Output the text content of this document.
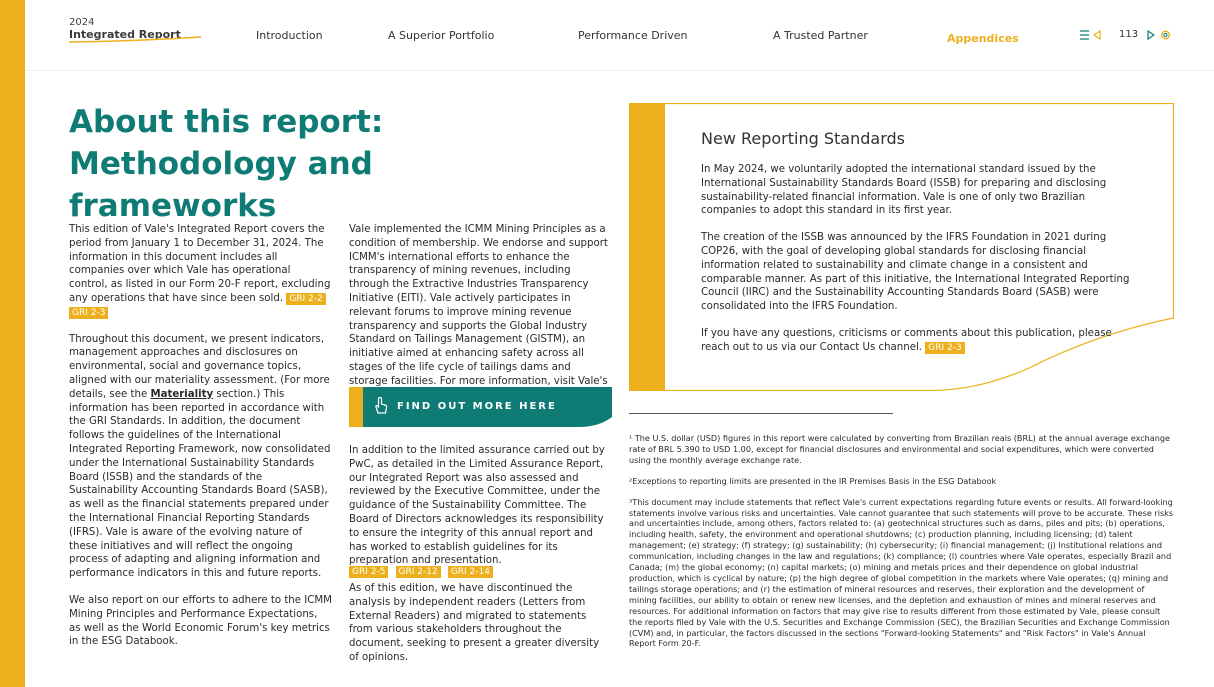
2024
Integrated Report	Introduction	A Superior Portfolio	Performance Driven	A Trusted Partner	Appendices	113
About this report:
Methodology and frameworks

This edition of Vale's Integrated Report covers the period from January 1 to December 31, 2024. The information in this document includes all companies over which Vale has operational control, as listed in our Form 20-F report, excluding any operations that have since been sold. GRI 2-2GRI 2-3

Throughout this document, we present indicators, management approaches and disclosures on environmental, social and governance topics, aligned with our materiality assessment. (For more details, see the Materiality section.) This information has been reported in accordance with the GRI Standards. In addition, the document follows the guidelines of the International Integrated Reporting Framework, now consolidated under the International Sustainability Standards Board (ISSB) and the standards of the Sustainability Accounting Standards Board (SASB), as well as the financial statements prepared under the International Financial Reporting Standards (IFRS). Vale is aware of the evolving nature of these initiatives and will reflect the ongoing process of adapting and aligning information and performance indicators in this and future reports.

We also report on our efforts to adhere to the ICMM Mining Principles and Performance Expectations, as well as the World Economic Forum's key metrics in the ESG Databook.

Vale implemented the ICMM Mining Principles as a condition of membership. We endorse and support ICMM's international efforts to enhance the transparency of mining revenues, including through the Extractive Industries Transparency Initiative (EITI). Vale actively participates in relevant forums to improve mining revenue transparency and supports the Global Industry Standard on Tailings Management (GISTM), an initiative aimed at enhancing safety across all stages of the life cycle of tailings dams and storage facilities. For more information, visit Vale's

FIND OUT MORE HERE

In addition to the limited assurance carried out by PwC, as detailed in the Limited Assurance Report, our Integrated Report was also assessed and reviewed by the Executive Committee, under the guidance of the Sustainability Committee. The Board of Directors acknowledges its responsibility to ensure the integrity of this annual report and has worked to establish guidelines for its preparation and presentation.

GRI 2-5 GRI 2-12 GRI 2-14

As of this edition, we have discontinued the analysis by independent readers (Letters from External Readers) and migrated to statements from various stakeholders throughout the document, seeking to present a greater diversity of opinions.

New Reporting Standards

In May 2024, we voluntarily adopted the international standard issued by the International Sustainability Standards Board (ISSB) for preparing and disclosing sustainability-related financial information. Vale is one of only two Brazilian companies to adopt this standard in its first year.

The creation of the ISSB was announced by the IFRS Foundation in 2021 during COP26, with the goal of developing global standards for disclosing financial information related to sustainability and climate change in a consistent and comparable manner. As part of this initiative, the International Integrated Reporting Council (IIRC) and the Sustainability Accounting Standards Board (SASB) were consolidated into the IFRS Foundation.

If you have any questions, criticisms or comments about this publication, please reach out to us via our Contact Us channel. GRI 2-3

¹ The U.S. dollar (USD) figures in this report were calculated by converting from Brazilian reais (BRL) at the annual average exchange rate of BRL 5.390 to USD 1.00, except for financial disclosures and environmental and social expenditures, which were converted using the monthly average exchange rate.

²Exceptions to reporting limits are presented in the IR Premises Basis in the ESG Databook

³This document may include statements that reflect Vale's current expectations regarding future events or results. All forward-looking statements involve various risks and uncertainties. Vale cannot guarantee that such statements will prove to be accurate. These risks and uncertainties include, among others, factors related to: (a) geotechnical structures such as dams, piles and pits; (b) operations, including health, safety, the environment and operational shutdowns; (c) production planning, including licensing; (d) talent management; (e) strategy; (f) strategy; (g) sustainability; (h) cybersecurity; (i) financial management; (j) Institutional relations and communication, including changes in the law and regulations; (k) compliance; (l) countries where Vale operates, especially Brazil and Canada; (m) the global economy; (n) capital markets; (o) mining and metals prices and their dependence on global industrial production, which is cyclical by nature; (p) the high degree of global competition in the markets where Vale operates; (q) mining and tailings storage operations; and (r) the estimation of mineral resources and reserves, their exploration and the development of mining facilities, our ability to obtain or renew new licenses, and the depletion and exhaustion of mines and mineral reserves and resources. For additional information on factors that may give rise to results different from those estimated by Vale, please consult the reports filed by Vale with the U.S. Securities and Exchange Commission (SEC), the Brazilian Securities and Exchange Commission (CVM) and, in particular, the factors discussed in the sections "Forward-looking Statements" and "Risk Factors" in Vale's Annual Report Form 20-F.
